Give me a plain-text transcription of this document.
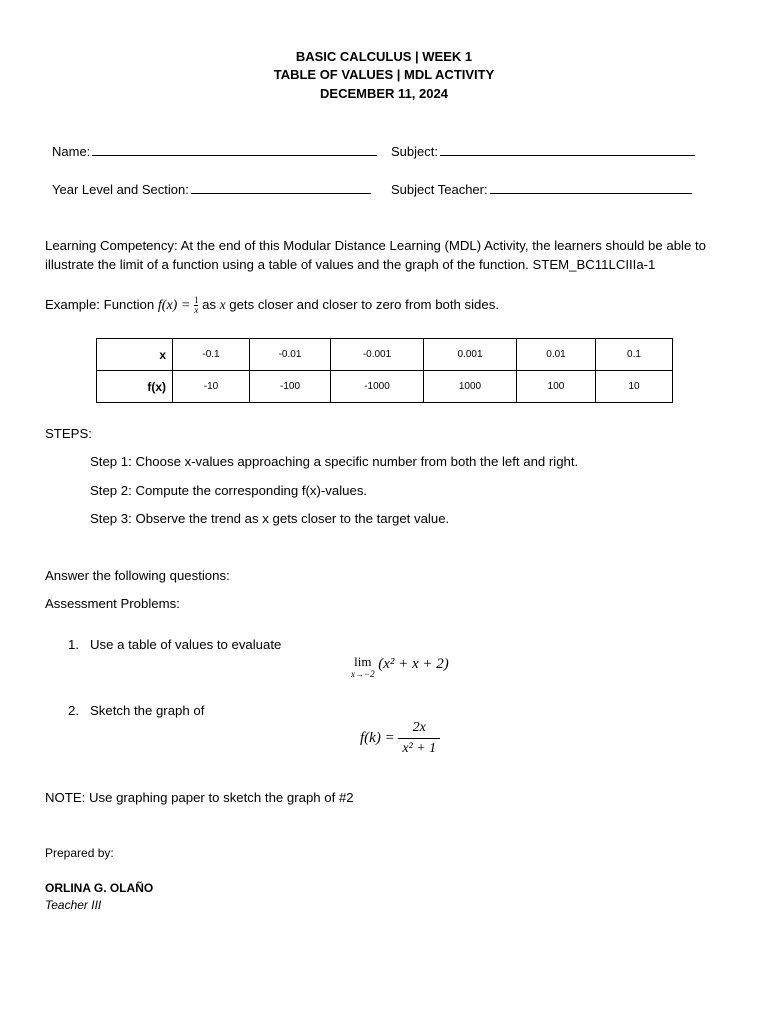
BASIC CALCULUS | WEEK 1
TABLE OF VALUES | MDL ACTIVITY
DECEMBER 11, 2024
Name:	Subject:
Year Level and Section:	Subject Teacher:
Learning Competency: At the end of this Modular Distance Learning (MDL) Activity, the learners should be able to illustrate the limit of a function using a table of values and the graph of the function. STEM_BC11LCIIIa-1
Example: Function $f(x) = \frac{1}{x}$ as x gets closer and closer to zero from both sides.
x	-0.1	-0.01	-0.001	0.001	0.01	0.1
f(x)	-10	-100	-1000	1000	100	10
STEPS:
Step 1: Choose x-values approaching a specific number from both the left and right.
Step 2: Compute the corresponding f(x)-values.
Step 3: Observe the trend as x gets closer to the target value.
Answer the following questions:
Assessment Problems:
1. Use a table of values to evaluate
lim
x→−2
(x² + x + 2)
2. Sketch the graph of
$f(k) = \frac{2x}{\text{x² + 1}}$
NOTE: Use graphing paper to sketch the graph of #2
Prepared by:
ORLINA G. OLAÑO
Teacher III
